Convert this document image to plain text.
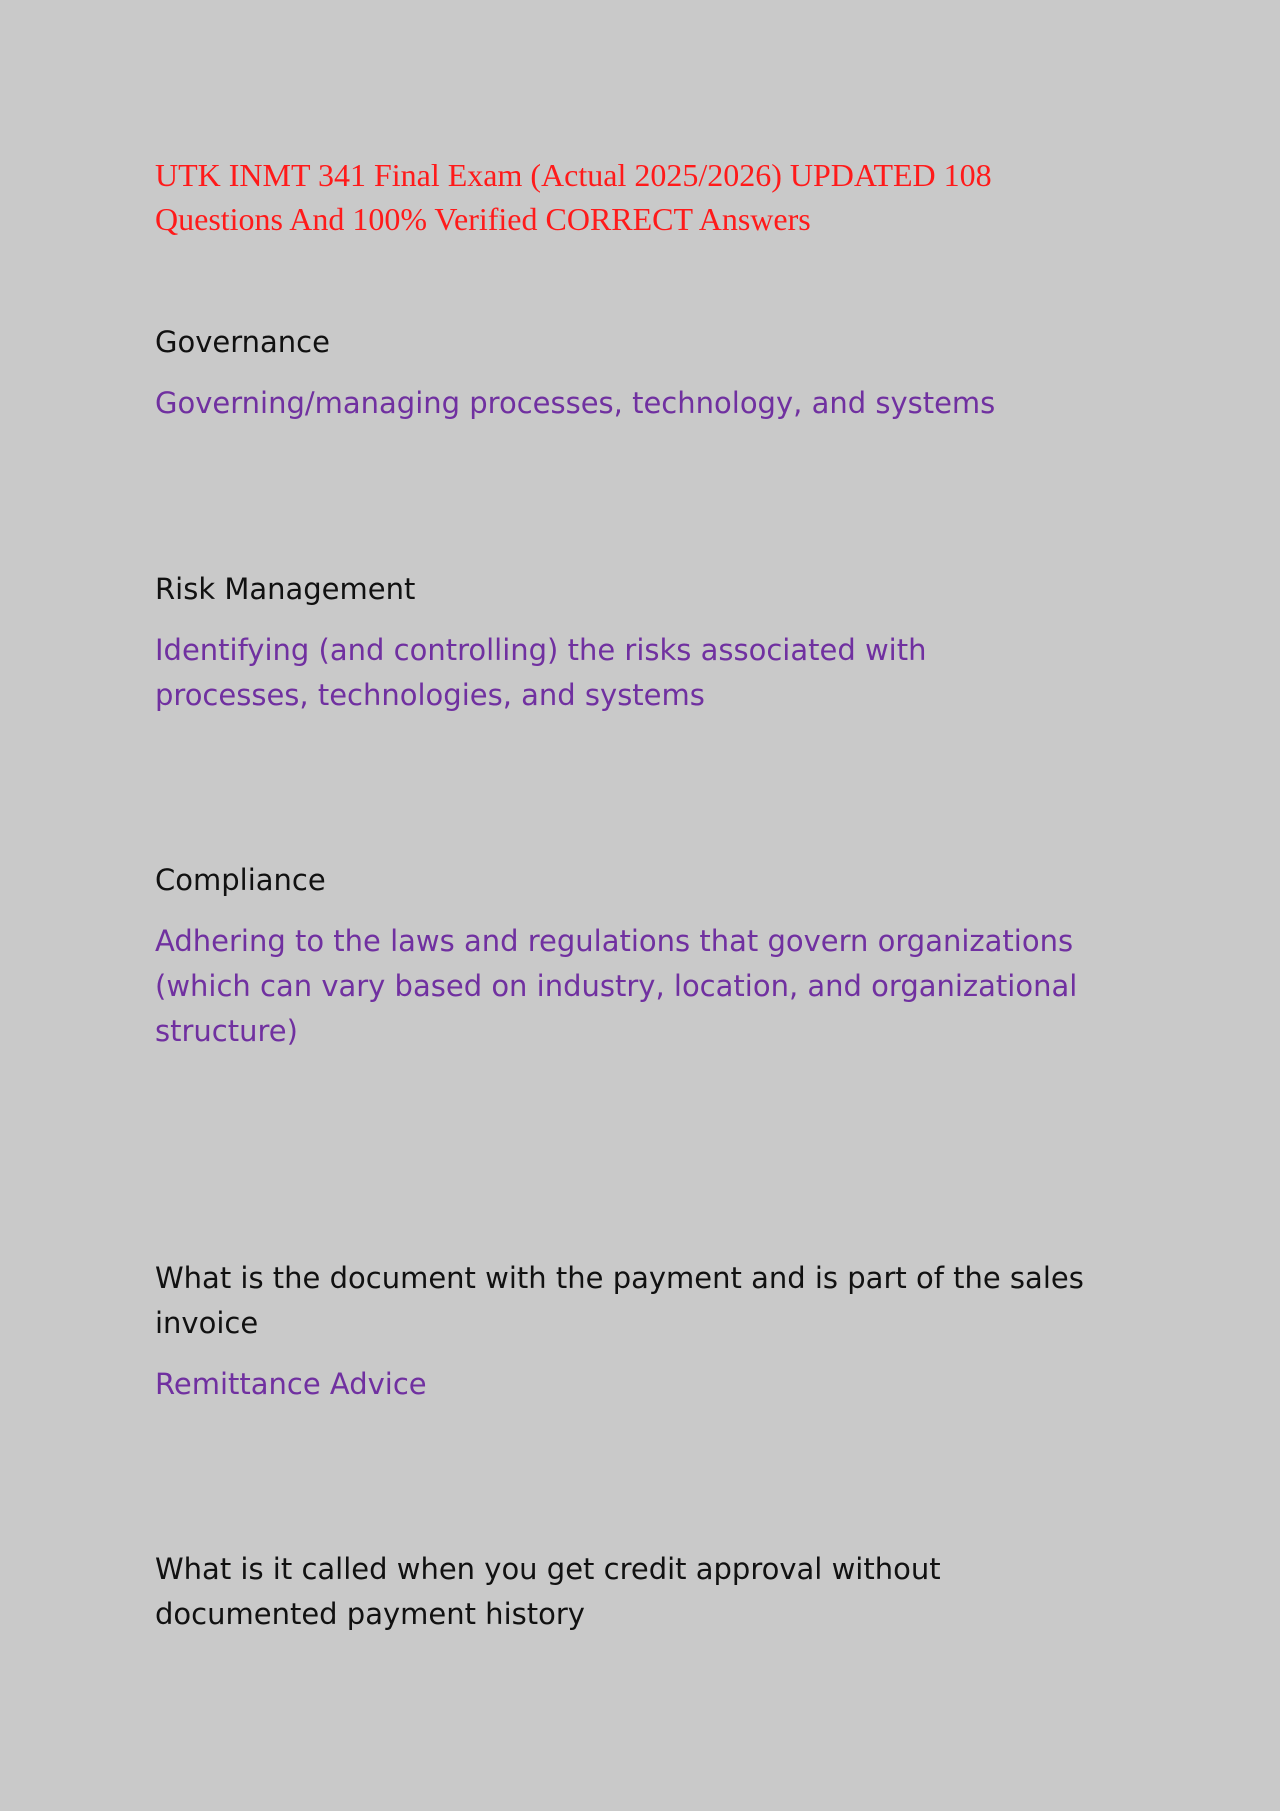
UTK INMT 341 Final Exam (Actual 2025/2026) UPDATED 108 Questions And 100% Verified CORRECT Answers

Governance

Governing/managing processes, technology, and systems

Risk Management

Identifying (and controlling) the risks associated with processes, technologies, and systems

Compliance

Adhering to the laws and regulations that govern organizations (which can vary based on industry, location, and organizational structure)

What is the document with the payment and is part of the sales invoice

Remittance Advice

What is it called when you get credit approval without documented payment history
